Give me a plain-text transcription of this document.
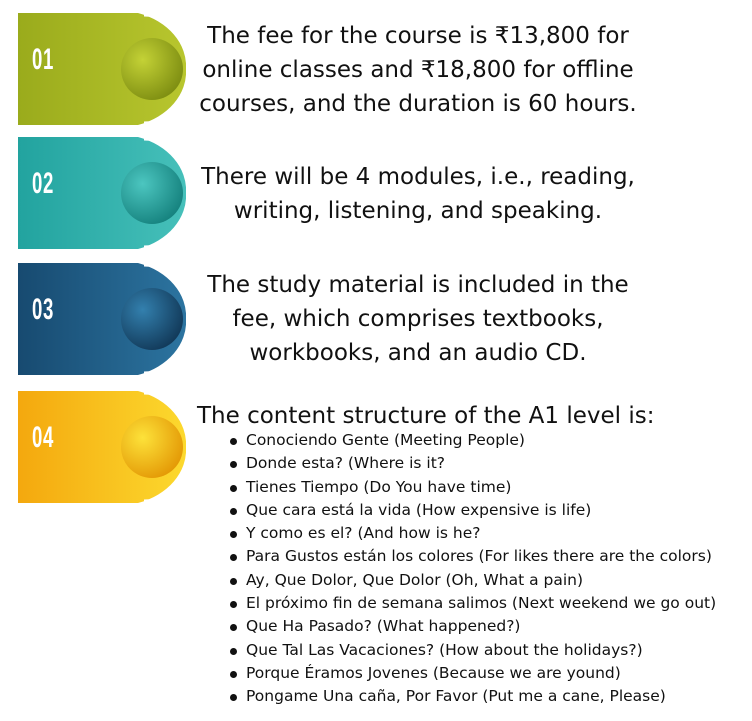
01
The fee for the course is ₹13,800 for online classes and ₹18,800 for offline courses, and the duration is 60 hours.
02	There will be 4 modules, i.e., reading, writing, listening, and speaking.
03
The study material is included in the fee, which comprises textbooks, workbooks, and an audio CD.
04
The content structure of the A1 level is:
Conociendo Gente (Meeting People)
Donde esta? (Where is it?
Tienes Tiempo (Do You have time)
Que cara está la vida (How expensive is life)
Y como es el? (And how is he?
Para Gustos están los colores (For likes there are the colors)
Ay, Que Dolor, Que Dolor (Oh, What a pain)
El próximo fin de semana salimos (Next weekend we go out)
Que Ha Pasado? (What happened?)
Que Tal Las Vacaciones? (How about the holidays?)
Porque Éramos Jovenes (Because we are yound)
Pongame Una caña, Por Favor (Put me a cane, Please)
